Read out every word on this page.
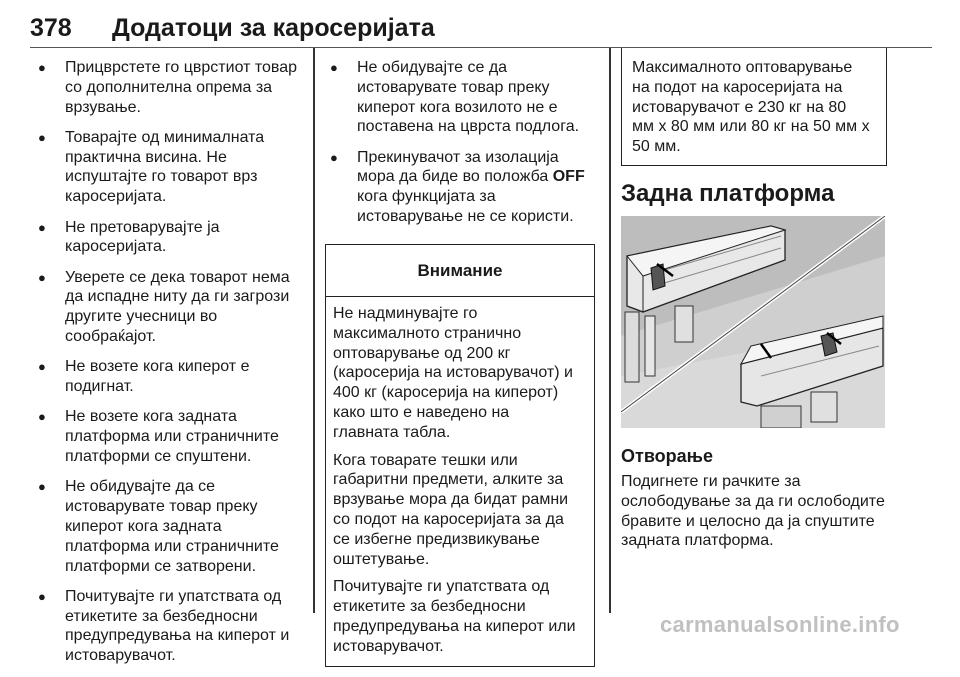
378 Додатоци за каросеријата
● Прицврстете го цврстиот товар
со дополнителна опрема за
врзување.
● Товарајте од минималната
практична висина. Не
испуштајте го товарот врз
каросеријата.
● Не претоварувајте ја
каросеријата.
● Уверете се дека товарот нема
да испадне ниту да ги загрози
другите учесници во
сообраќајот.
● Не возете кога киперот е
подигнат.
● Не возете кога задната
платформа или страничните
платформи се спуштени.
● Не обидувајте да се
истоварувате товар преку
киперот кога задната
платформа или страничните
платформи се затворени.
● Почитувајте ги упатствата од
етикетите за безбедносни
предупредувања на киперот и
истоварувачот.
● Не обидувајте се да
истоварувате товар преку
киперот кога возилото не е
поставена на цврста подлога.
● Прекинувачот за изолација
мора да биде во положба OFF
кога функцијата за
истоварување не се користи.
Внимание

Не надминувајте го
максималното странично
оптоварување од 200 кг
(каросерија на истоварувачот) и
400 кг (каросерија на киперот)
како што е наведено на
главната табла.

Кога товарате тешки или
габаритни предмети, алките за
врзување мора да бидат рамни
со подот на каросеријата за да
се избегне предизвикување
оштетување.

Почитувајте ги упатствата од
етикетите за безбедносни
предупредувања на киперот или
истоварувачот.

Максималното оптоварување
на подот на каросеријата на
истоварувачот е 230 кг на 80
мм х 80 мм или 80 кг на 50 мм х
50 мм.

Задна платформа
Отворање

Подигнете ги рачките за
ослободување за да ги ослободите
бравите и целосно да ја спуштите
задната платформа.

carmanualsonline.info
